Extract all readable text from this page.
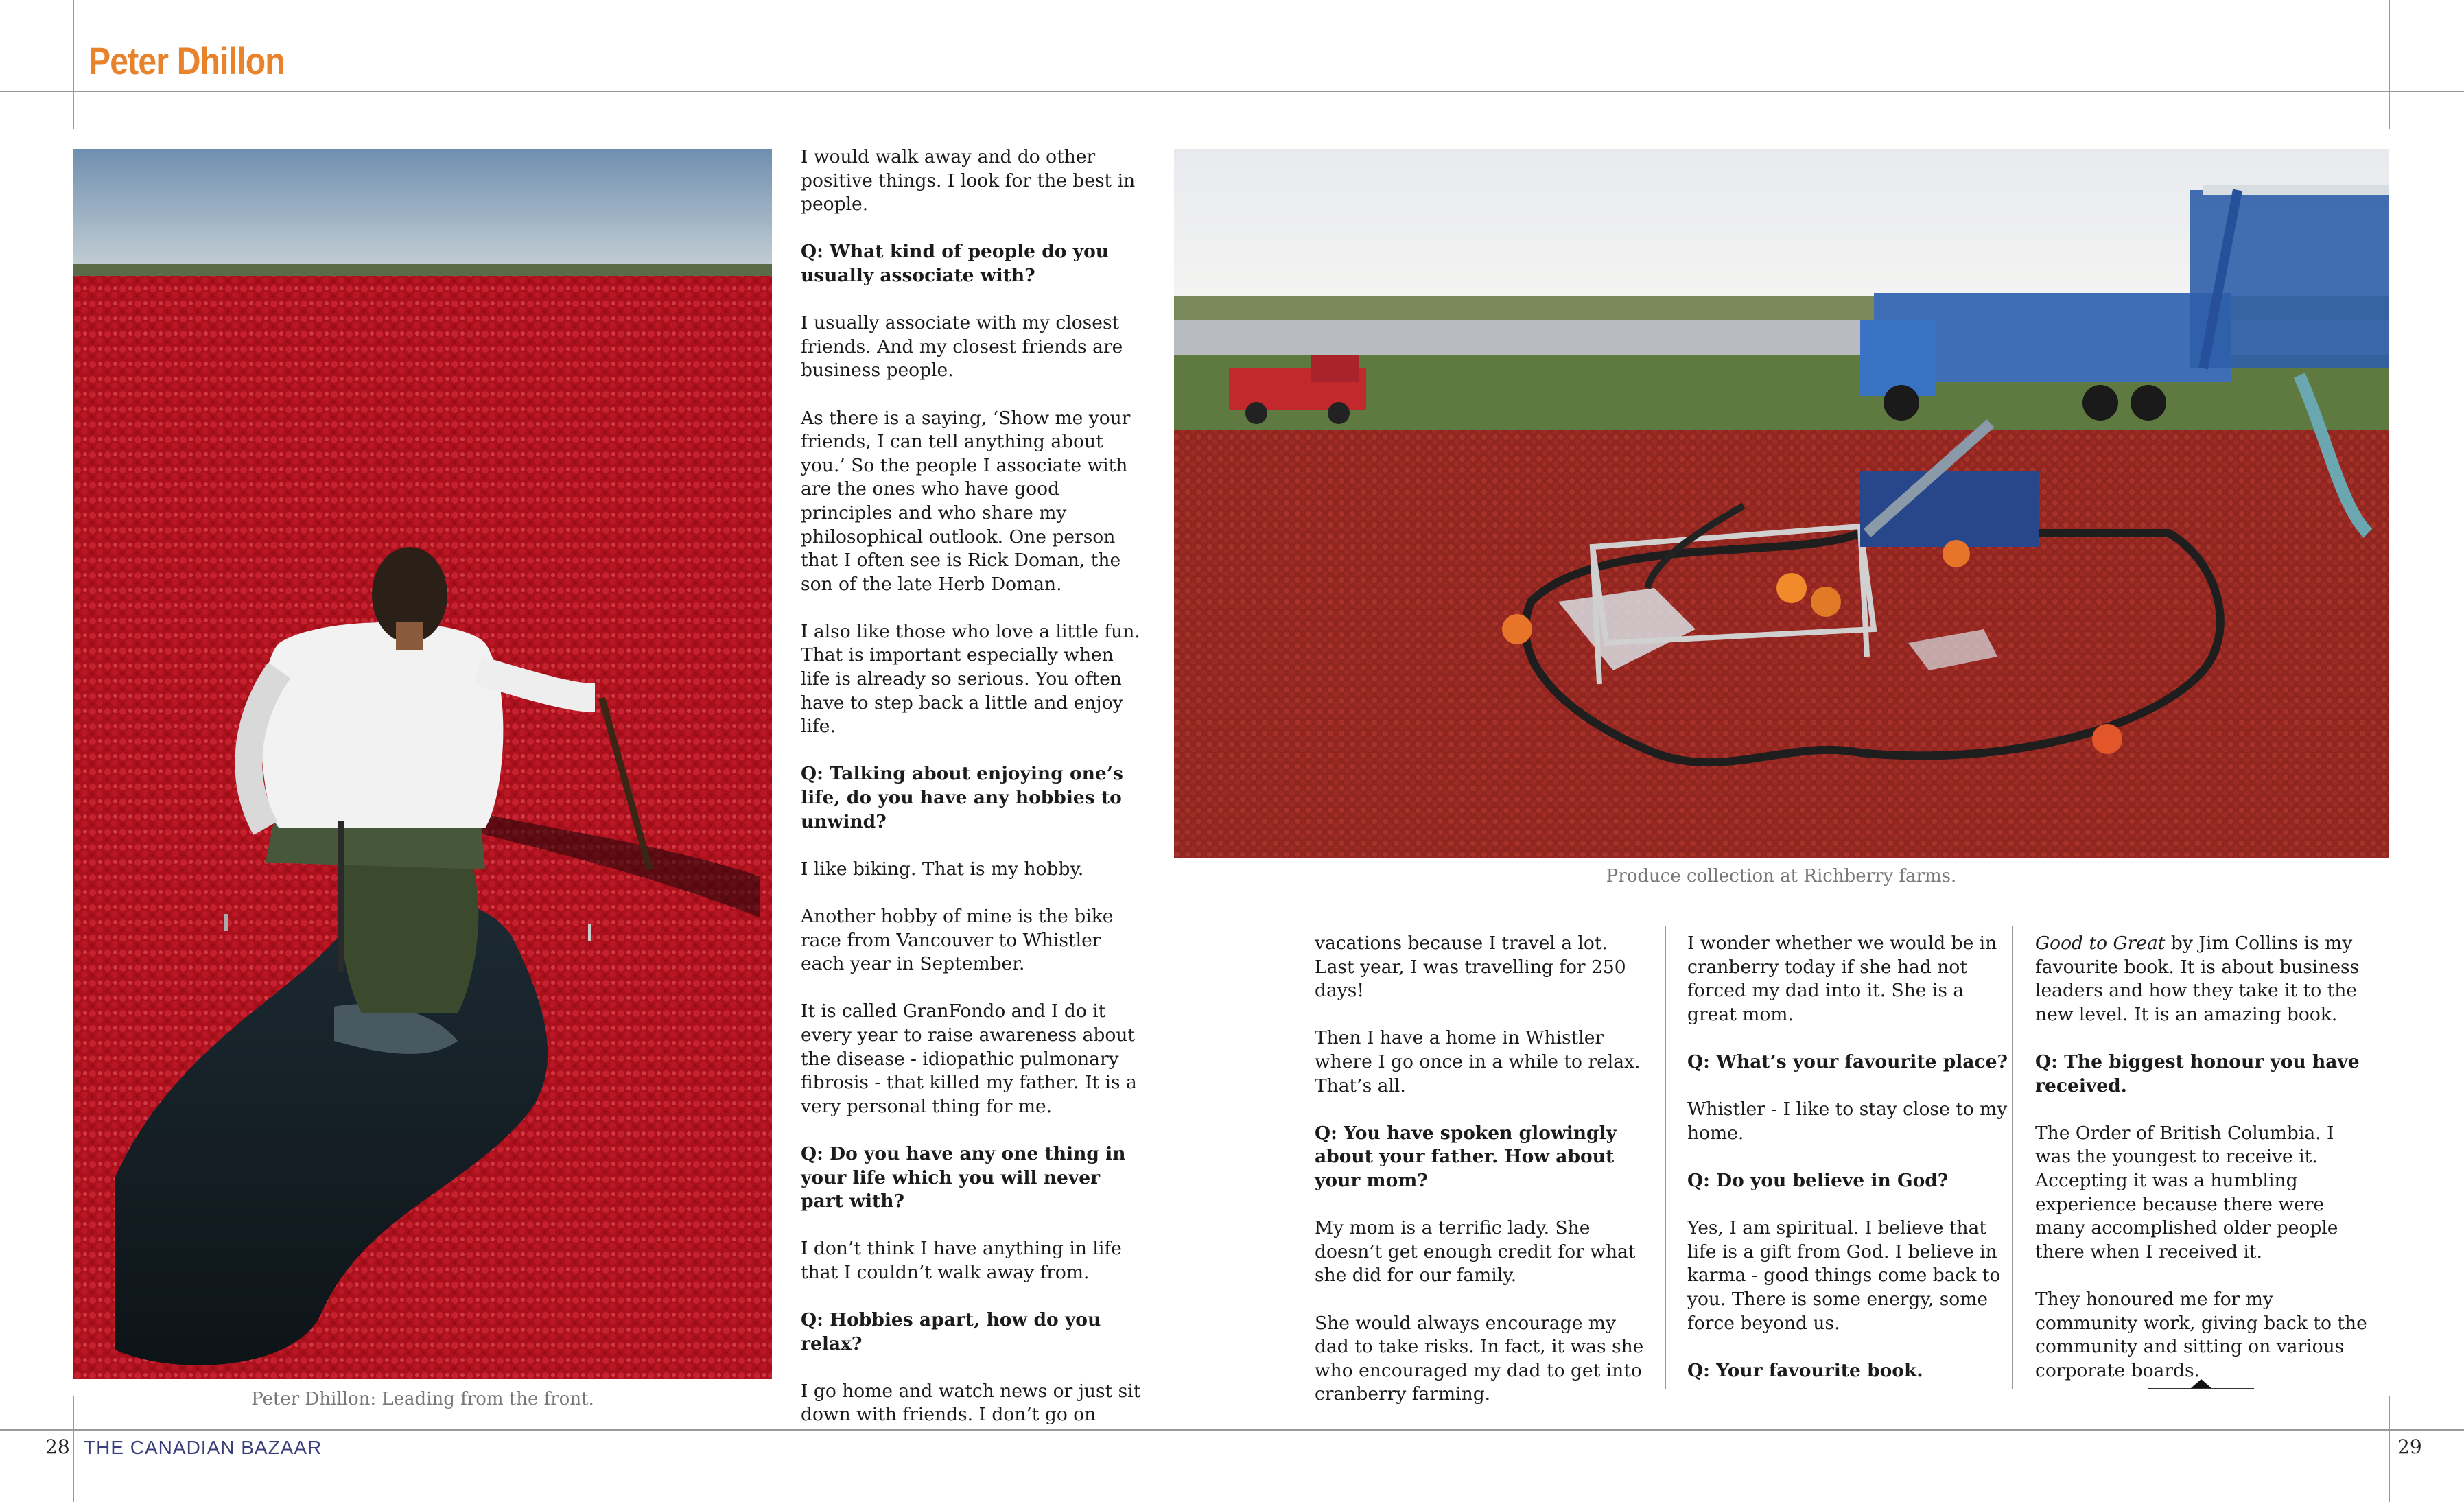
Peter Dhillon
Peter Dhillon: Leading from the front.
Produce collection at Richberry farms.

I would walk away and do other positive things. I look for the best in people.

Q: What kind of people do you usually associate with?

I usually associate with my closest friends. And my closest friends are business people.

As there is a saying, ‘Show me your friends, I can tell anything about you.’ So the people I associate with are the ones who have good principles and who share my philosophical outlook. One person that I often see is Rick Doman, the son of the late Herb Doman.

I also like those who love a little fun. That is important especially when life is already so serious. You often have to step back a little and enjoy life.

Q: Talking about enjoying one’s life, do you have any hobbies to unwind?

I like biking. That is my hobby.

Another hobby of mine is the bike race from Vancouver to Whistler each year in September.

It is called GranFondo and I do it every year to raise awareness about the disease - idiopathic pulmonary fibrosis - that killed my father. It is a very personal thing for me.

Q: Do you have any one thing in your life which you will never part with?

I don’t think I have anything in life that I couldn’t walk away from.

Q: Hobbies apart, how do you relax?

I go home and watch news or just sit down with friends. I don’t go on

vacations because I travel a lot. Last year, I was travelling for 250 days!

Then I have a home in Whistler where I go once in a while to relax. That’s all.

Q: You have spoken glowingly about your father. How about your mom?

My mom is a terrific lady. She doesn’t get enough credit for what she did for our family.

She would always encourage my dad to take risks. In fact, it was she who encouraged my dad to get into cranberry farming.

I wonder whether we would be in cranberry today if she had not forced my dad into it. She is a great mom.

Q: What’s your favourite place?

Whistler - I like to stay close to my home.

Q: Do you believe in God?

Yes, I am spiritual. I believe that life is a gift from God. I believe in karma - good things come back to you. There is some energy, some force beyond us.

Q: Your favourite book.

Good to Great by Jim Collins is my favourite book. It is about business leaders and how they take it to the new level. It is an amazing book.

Q: The biggest honour you have received.

The Order of British Columbia. I was the youngest to receive it. Accepting it was a humbling experience because there were many accomplished older people there when I received it.

They honoured me for my community work, giving back to the community and sitting on various corporate boards.

28 THE CANADIAN BAZAAR	29
